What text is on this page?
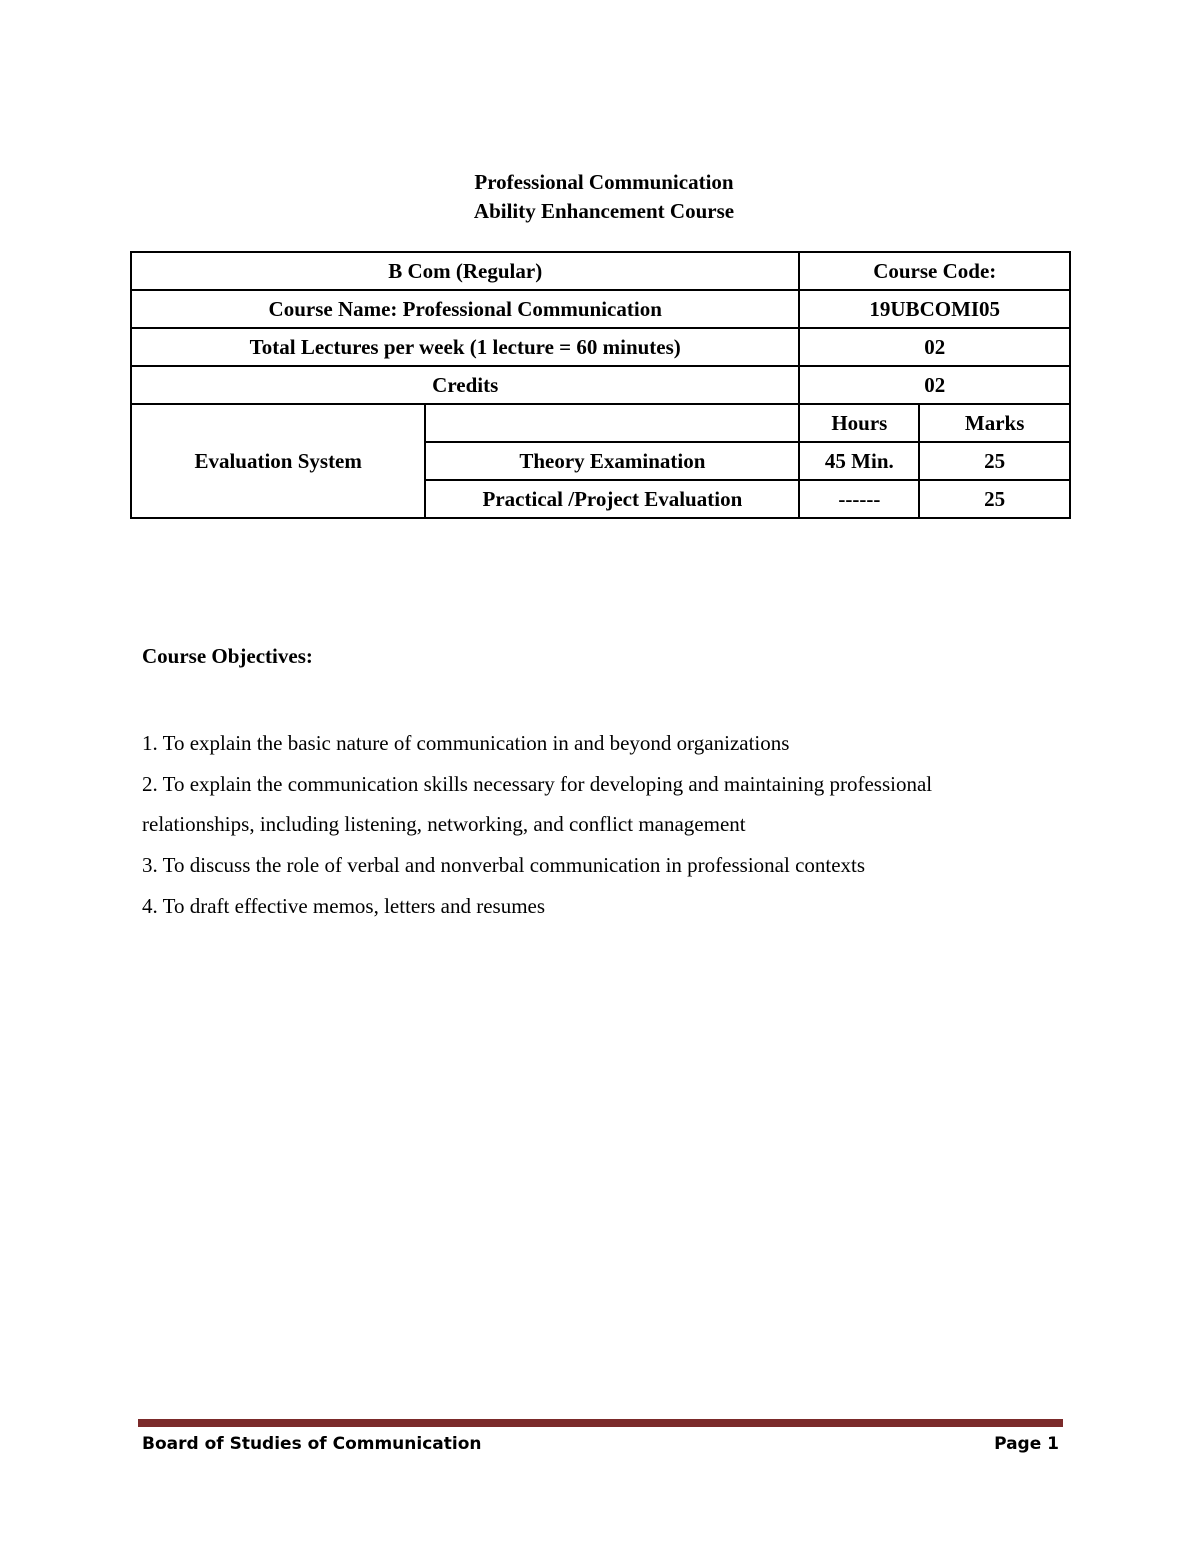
Professional Communication
Ability Enhancement Course
B Com (Regular)		Course Code:	
Course Name: Professional Communication		19UBCOMI05	
Total Lectures per week (1 lecture = 60 minutes)		02	
Credits		02	
Evaluation System		Hours	Marks
	Theory Examination	45 Min.	25
	Practical /Project Evaluation	------	25
Course Objectives:
1. To explain the basic nature of communication in and beyond organizations
2. To explain the communication skills necessary for developing and maintaining professional
relationships, including listening, networking, and conflict management
3. To discuss the role of verbal and nonverbal communication in professional contexts
4. To draft effective memos, letters and resumes
Board of Studies of Communication	Page 1
